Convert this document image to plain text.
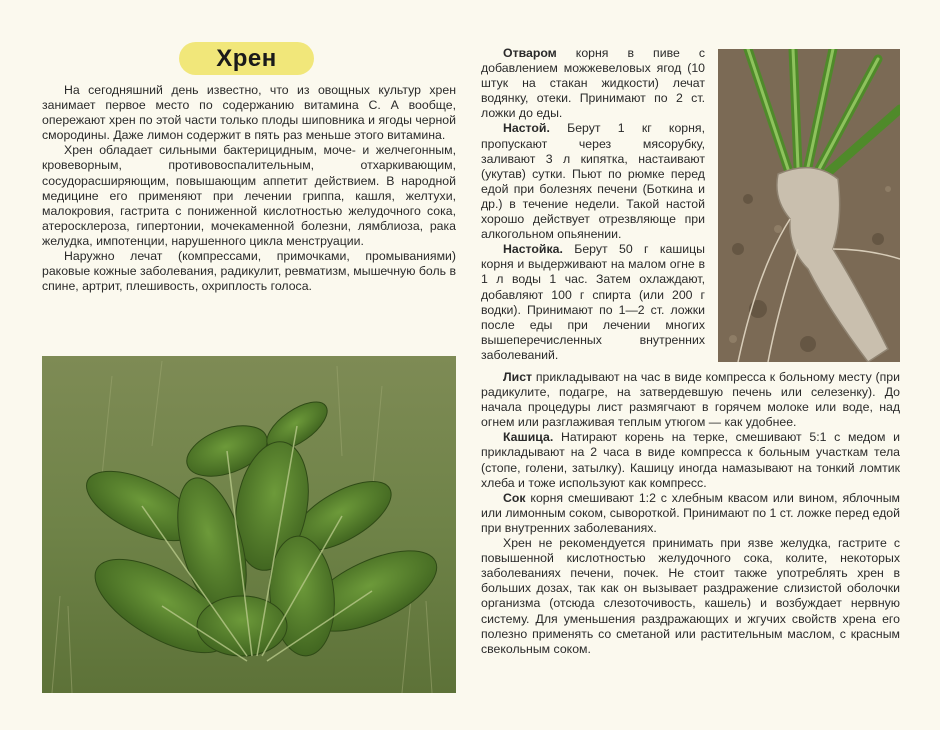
Хрен

На сегодняшний день известно, что из овощных культур хрен занимает первое место по содержанию витамина С. А вообще, опережают хрен по этой части только плоды шиповника и ягоды черной смородины. Даже лимон содержит в пять раз меньше этого витамина.

Хрен обладает сильными бактерицидным, моче- и желчегонным, кровеворным, противовоспалительным, отхаркивающим, сосудорасширяющим, повышающим аппетит действием. В народной медицине его применяют при лечении гриппа, кашля, желтухи, малокровия, гастрита с пониженной кислотностью желудочного сока, атеросклероза, гипертонии, мочекаменной болезни, лямблиоза, рака желудка, импотенции, нарушенного цикла менструации.

Наружно лечат (компрессами, примочками, промываниями) раковые кожные заболевания, радикулит, ревматизм, мышечную боль в спине, артрит, плешивость, охриплость голоса.

Отваром корня в пиве с добавлением можжевеловых ягод (10 штук на стакан жидкости) лечат водянку, отеки. Принимают по 2 ст. ложки до еды.

Настой. Берут 1 кг корня, пропускают через мясорубку, заливают 3 л кипятка, настаивают (укутав) сутки. Пьют по рюмке перед едой при болезнях печени (Боткина и др.) в течение недели. Такой настой хорошо действует отрезвляюще при алкогольном опьянении.

Настойка. Берут 50 г кашицы корня и выдерживают на малом огне в 1 л воды 1 час. Затем охлаждают, добавляют 100 г спирта (или 200 г водки). Принимают по 1—2 ст. ложки после еды при лечении многих вышеперечисленных внутренних заболеваний.

Лист прикладывают на час в виде компресса к больному месту (при радикулите, подагре, на затвердевшую печень или селезенку). До начала процедуры лист размягчают в горячем молоке или воде, над огнем или разглаживая теплым утюгом — как удобнее.

Кашица. Натирают корень на терке, смешивают 5:1 с медом и прикладывают на 2 часа в виде компресса к больным участкам тела (стопе, голени, затылку). Кашицу иногда намазывают на тонкий ломтик хлеба и тоже используют как компресс.

Сок корня смешивают 1:2 с хлебным квасом или вином, яблочным или лимонным соком, сывороткой. Принимают по 1 ст. ложке перед едой при внутренних заболеваниях.

Хрен не рекомендуется принимать при язве желудка, гастрите с повышенной кислотностью желудочного сока, колите, некоторых заболеваниях печени, почек. Не стоит также употреблять хрен в больших дозах, так как он вызывает раздражение слизистой оболочки организма (отсюда слезоточивость, кашель) и возбуждает нервную систему. Для уменьшения раздражающих и жгучих свойств хрена его полезно применять со сметаной или растительным маслом, с красным свекольным соком.
